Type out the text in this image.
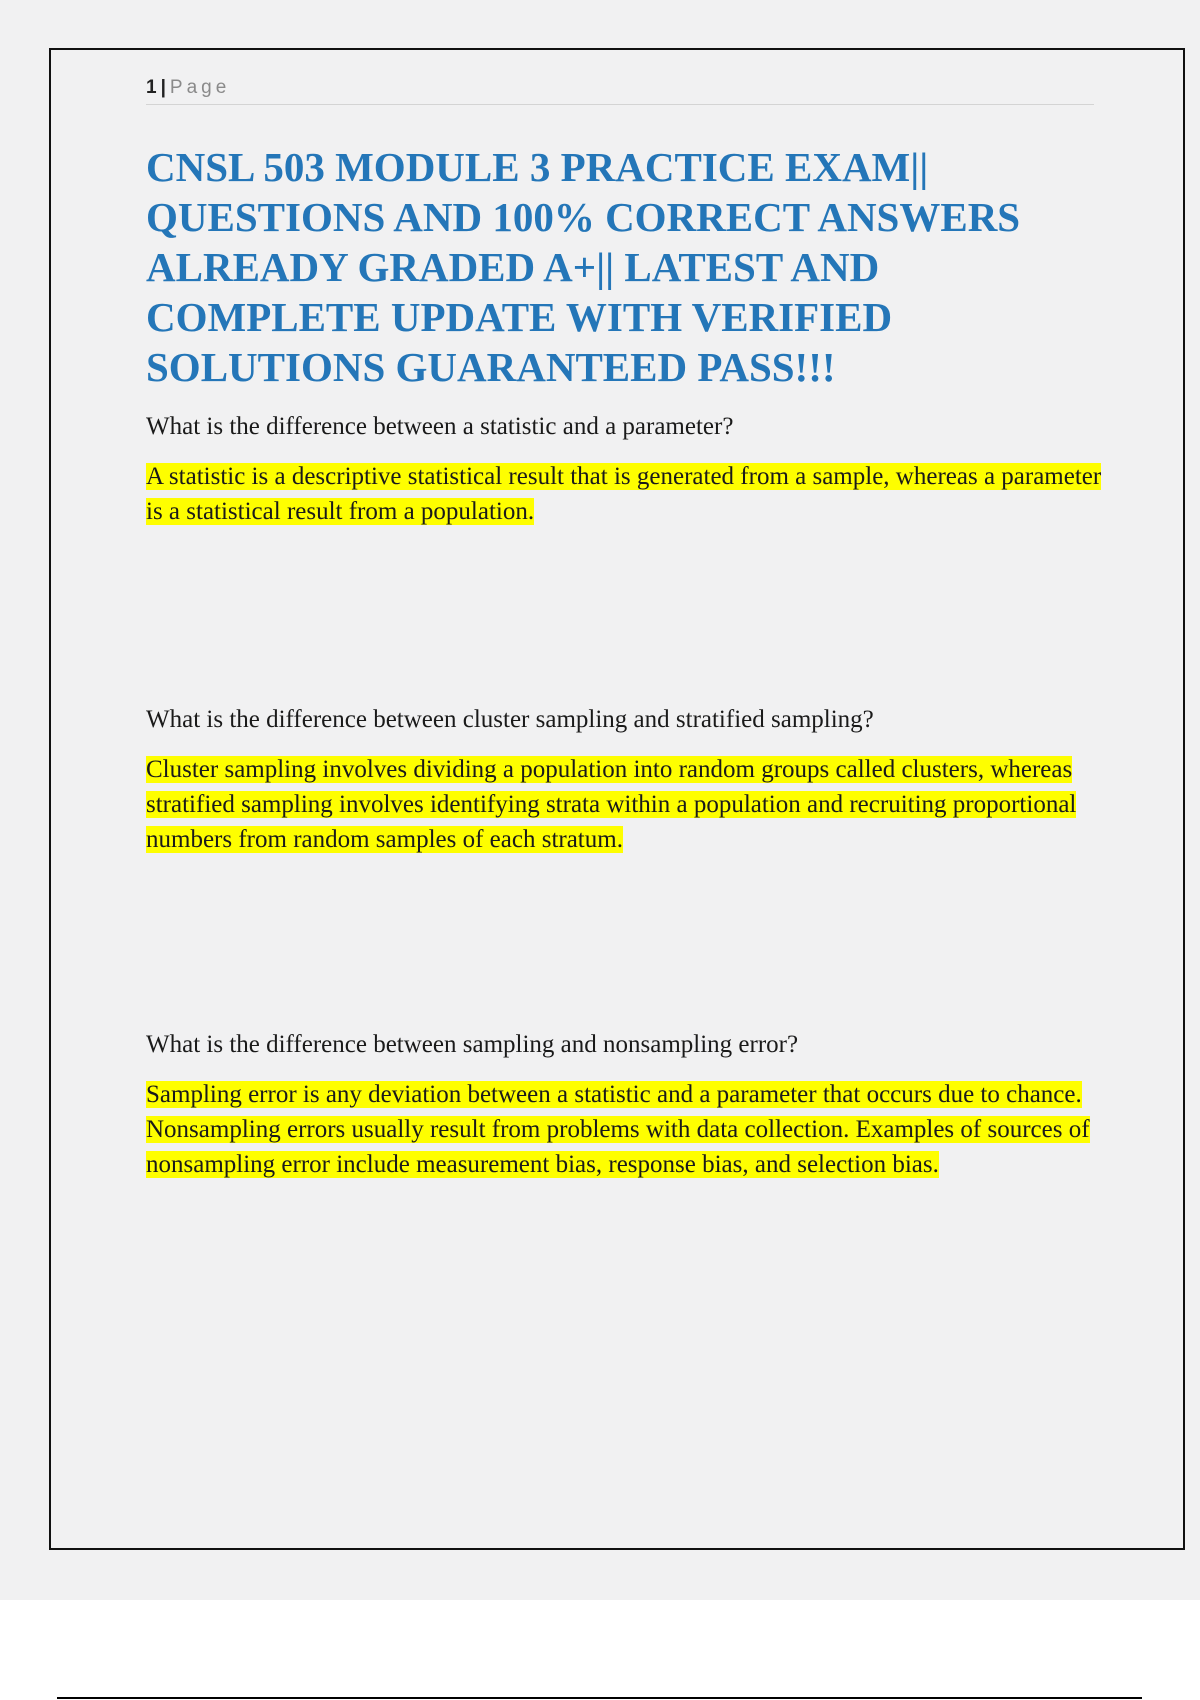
1 | Page
CNSL 503 MODULE 3 PRACTICE EXAM|| QUESTIONS AND 100% CORRECT ANSWERS ALREADY GRADED A+|| LATEST AND COMPLETE UPDATE WITH VERIFIED SOLUTIONS GUARANTEED PASS!!!

What is the difference between a statistic and a parameter?

A statistic is a descriptive statistical result that is generated from a sample, whereas a parameter is a statistical result from a population.

What is the difference between cluster sampling and stratified sampling?

Cluster sampling involves dividing a population into random groups called clusters, whereas stratified sampling involves identifying strata within a population and recruiting proportional numbers from random samples of each stratum.

What is the difference between sampling and nonsampling error?

Sampling error is any deviation between a statistic and a parameter that occurs due to chance. Nonsampling errors usually result from problems with data collection. Examples of sources of nonsampling error include measurement bias, response bias, and selection bias.
